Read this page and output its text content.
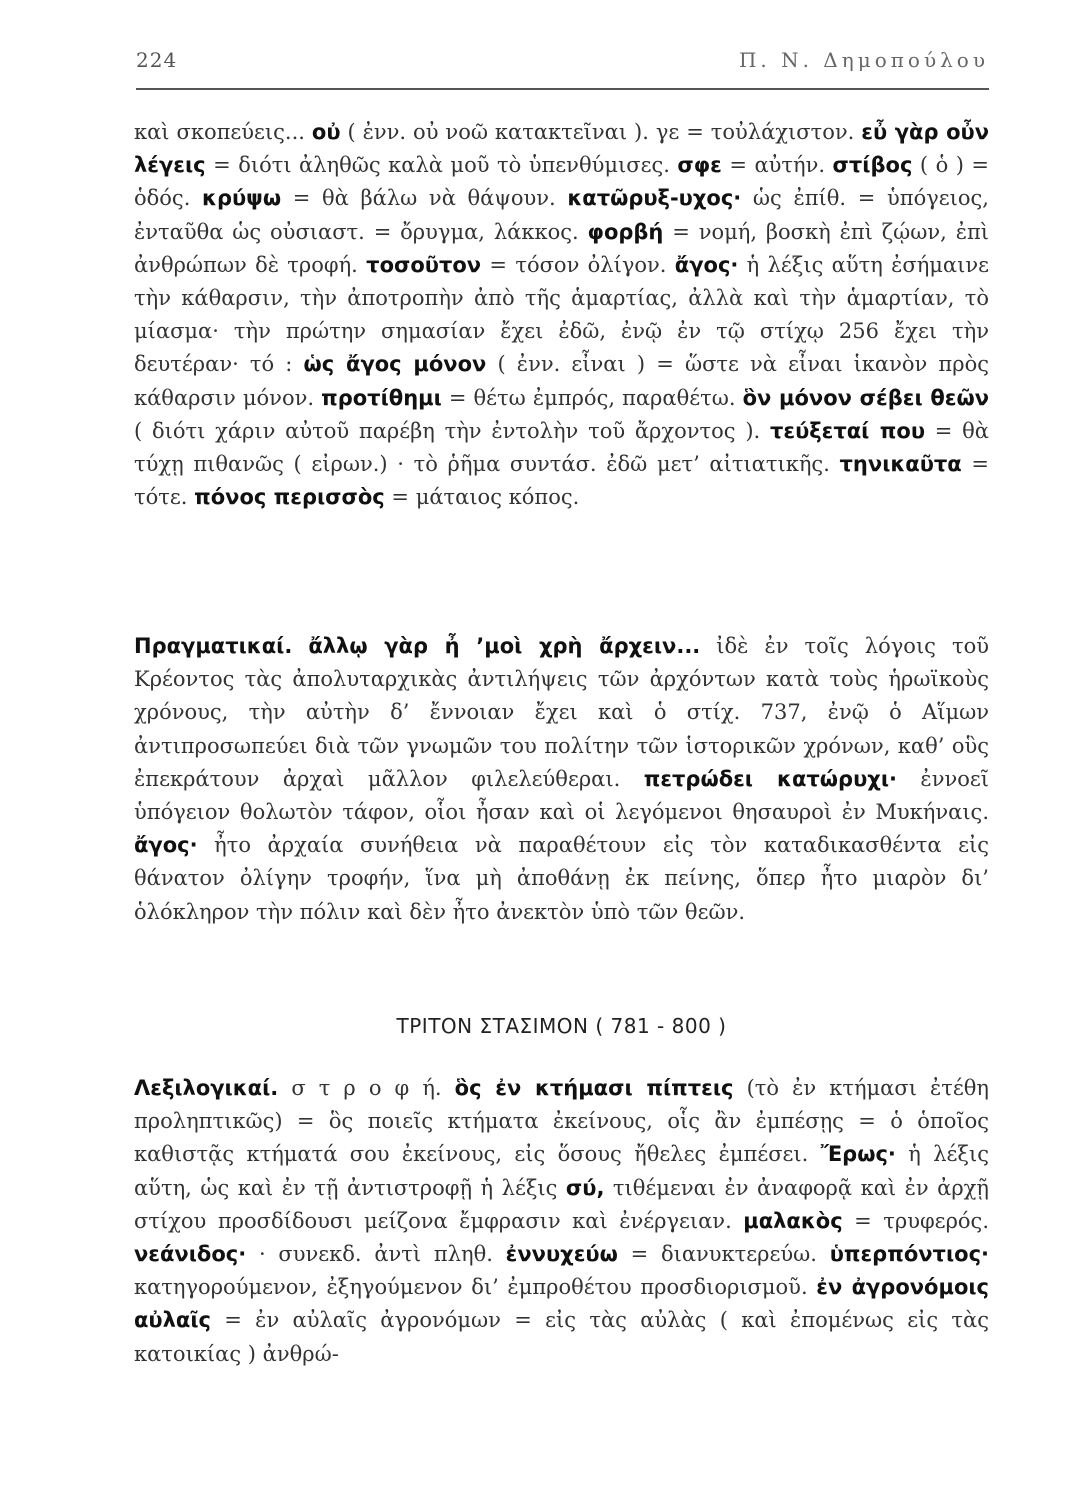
224	Π. Ν. Δημοπούλου
καὶ σκοπεύεις... οὐ ( ἐνν. οὐ νοῶ κατακτεῖναι ). γε = τοὐλάχιστον. εὖ γὰρ οὖν λέγεις = διότι ἀληθῶς καλὰ μοῦ τὸ ὑπενθύμισες. σφε = αὐτήν. στίβος ( ὁ ) = ὁδός. κρύψω = θὰ βάλω νὰ θάψουν. κατῶρυξ-υχος· ὡς ἐπίθ. = ὑπόγειος, ἐνταῦθα ὡς οὐσιαστ. = ὄρυγμα, λάκκος. φορβή = νομή, βοσκὴ ἐπὶ ζῴων, ἐπὶ ἀνθρώπων δὲ τροφή. τοσοῦτον = τόσον ὀλίγον. ἄγος· ἡ λέξις αὕτη ἐσήμαινε τὴν κάθαρσιν, τὴν ἀποτροπὴν ἀπὸ τῆς ἁμαρτίας, ἀλλὰ καὶ τὴν ἁμαρτίαν, τὸ μίασμα· τὴν πρώτην σημασίαν ἔχει ἐδῶ, ἐνῷ ἐν τῷ στίχῳ 256 ἔχει τὴν δευτέραν· τό : ὡς ἄγος μόνον ( ἐνν. εἶναι ) = ὥστε νὰ εἶναι ἱκανὸν πρὸς κάθαρσιν μόνον. προτίθημι = θέτω ἐμπρός, παραθέτω. ὃν μόνον σέβει θεῶν ( διότι χάριν αὐτοῦ παρέβη τὴν ἐντολὴν τοῦ ἄρχοντος ). τεύξεταί που = θὰ τύχῃ πιθανῶς ( εἰρων.) · τὸ ῥῆμα συντάσ. ἐδῶ μετ’ αἰτιατικῆς. τηνικαῦτα = τότε. πόνος περισσὸς = μάταιος κόπος.
Πραγματικαί. ἄλλῳ γὰρ ἦ ’μοὶ χρὴ ἄρχειν... ἰδὲ ἐν τοῖς λόγοις τοῦ Κρέοντος τὰς ἀπολυταρχικὰς ἀντιλήψεις τῶν ἀρχόντων κατὰ τοὺς ἡρωϊκοὺς χρόνους, τὴν αὐτὴν δ’ ἔννοιαν ἔχει καὶ ὁ στίχ. 737, ἐνῷ ὁ Αἵμων ἀντιπροσωπεύει διὰ τῶν γνωμῶν του πολίτην τῶν ἱστορικῶν χρόνων, καθ’ οὓς ἐπεκράτουν ἀρχαὶ μᾶλλον φιλελεύθεραι. πετρώδει κατώρυχι· ἐννοεῖ ὑπόγειον θολωτὸν τάφον, οἷοι ἦσαν καὶ οἱ λεγόμενοι θησαυροὶ ἐν Μυκήναις. ἄγος· ἦτο ἀρχαία συνήθεια νὰ παραθέτουν εἰς τὸν καταδικασθέντα εἰς θάνατον ὀλίγην τροφήν, ἵνα μὴ ἀποθάνῃ ἐκ πείνης, ὅπερ ἦτο μιαρὸν δι’ ὁλόκληρον τὴν πόλιν καὶ δὲν ἦτο ἀνεκτὸν ὑπὸ τῶν θεῶν.
ΤΡΙΤΟΝ ΣΤΑΣΙΜΟΝ ( 781 - 800 )
Λεξιλογικαί. σ τ ρ ο φ ή. ὃς ἐν κτήμασι πίπτεις (τὸ ἐν κτήμασι ἐτέθη προληπτικῶς) = ὃς ποιεῖς κτήματα ἐκείνους, οἷς ἂν ἐμπέσῃς = ὁ ὁποῖος καθιστᾷς κτήματά σου ἐκείνους, εἰς ὅσους ἤθελες ἐμπέσει. Ἔρως· ἡ λέξις αὕτη, ὡς καὶ ἐν τῇ ἀντιστροφῇ ἡ λέξις σύ, τιθέμεναι ἐν ἀναφορᾷ καὶ ἐν ἀρχῇ στίχου προσδίδουσι μείζονα ἔμφρασιν καὶ ἐνέργειαν. μαλακὸς = τρυφερός. νεάνιδος· · συνεκδ. ἀντὶ πληθ. ἐννυχεύω = διανυκτερεύω. ὑπερπόντιος· κατηγορούμενον, ἐξηγούμενον δι’ ἐμπροθέτου προσδιορισμοῦ. ἐν ἀγρονόμοις αὐλαῖς = ἐν αὐλαῖς ἀγρονόμων = εἰς τὰς αὐλὰς ( καὶ ἐπομένως εἰς τὰς κατοικίας ) ἀνθρώ-
